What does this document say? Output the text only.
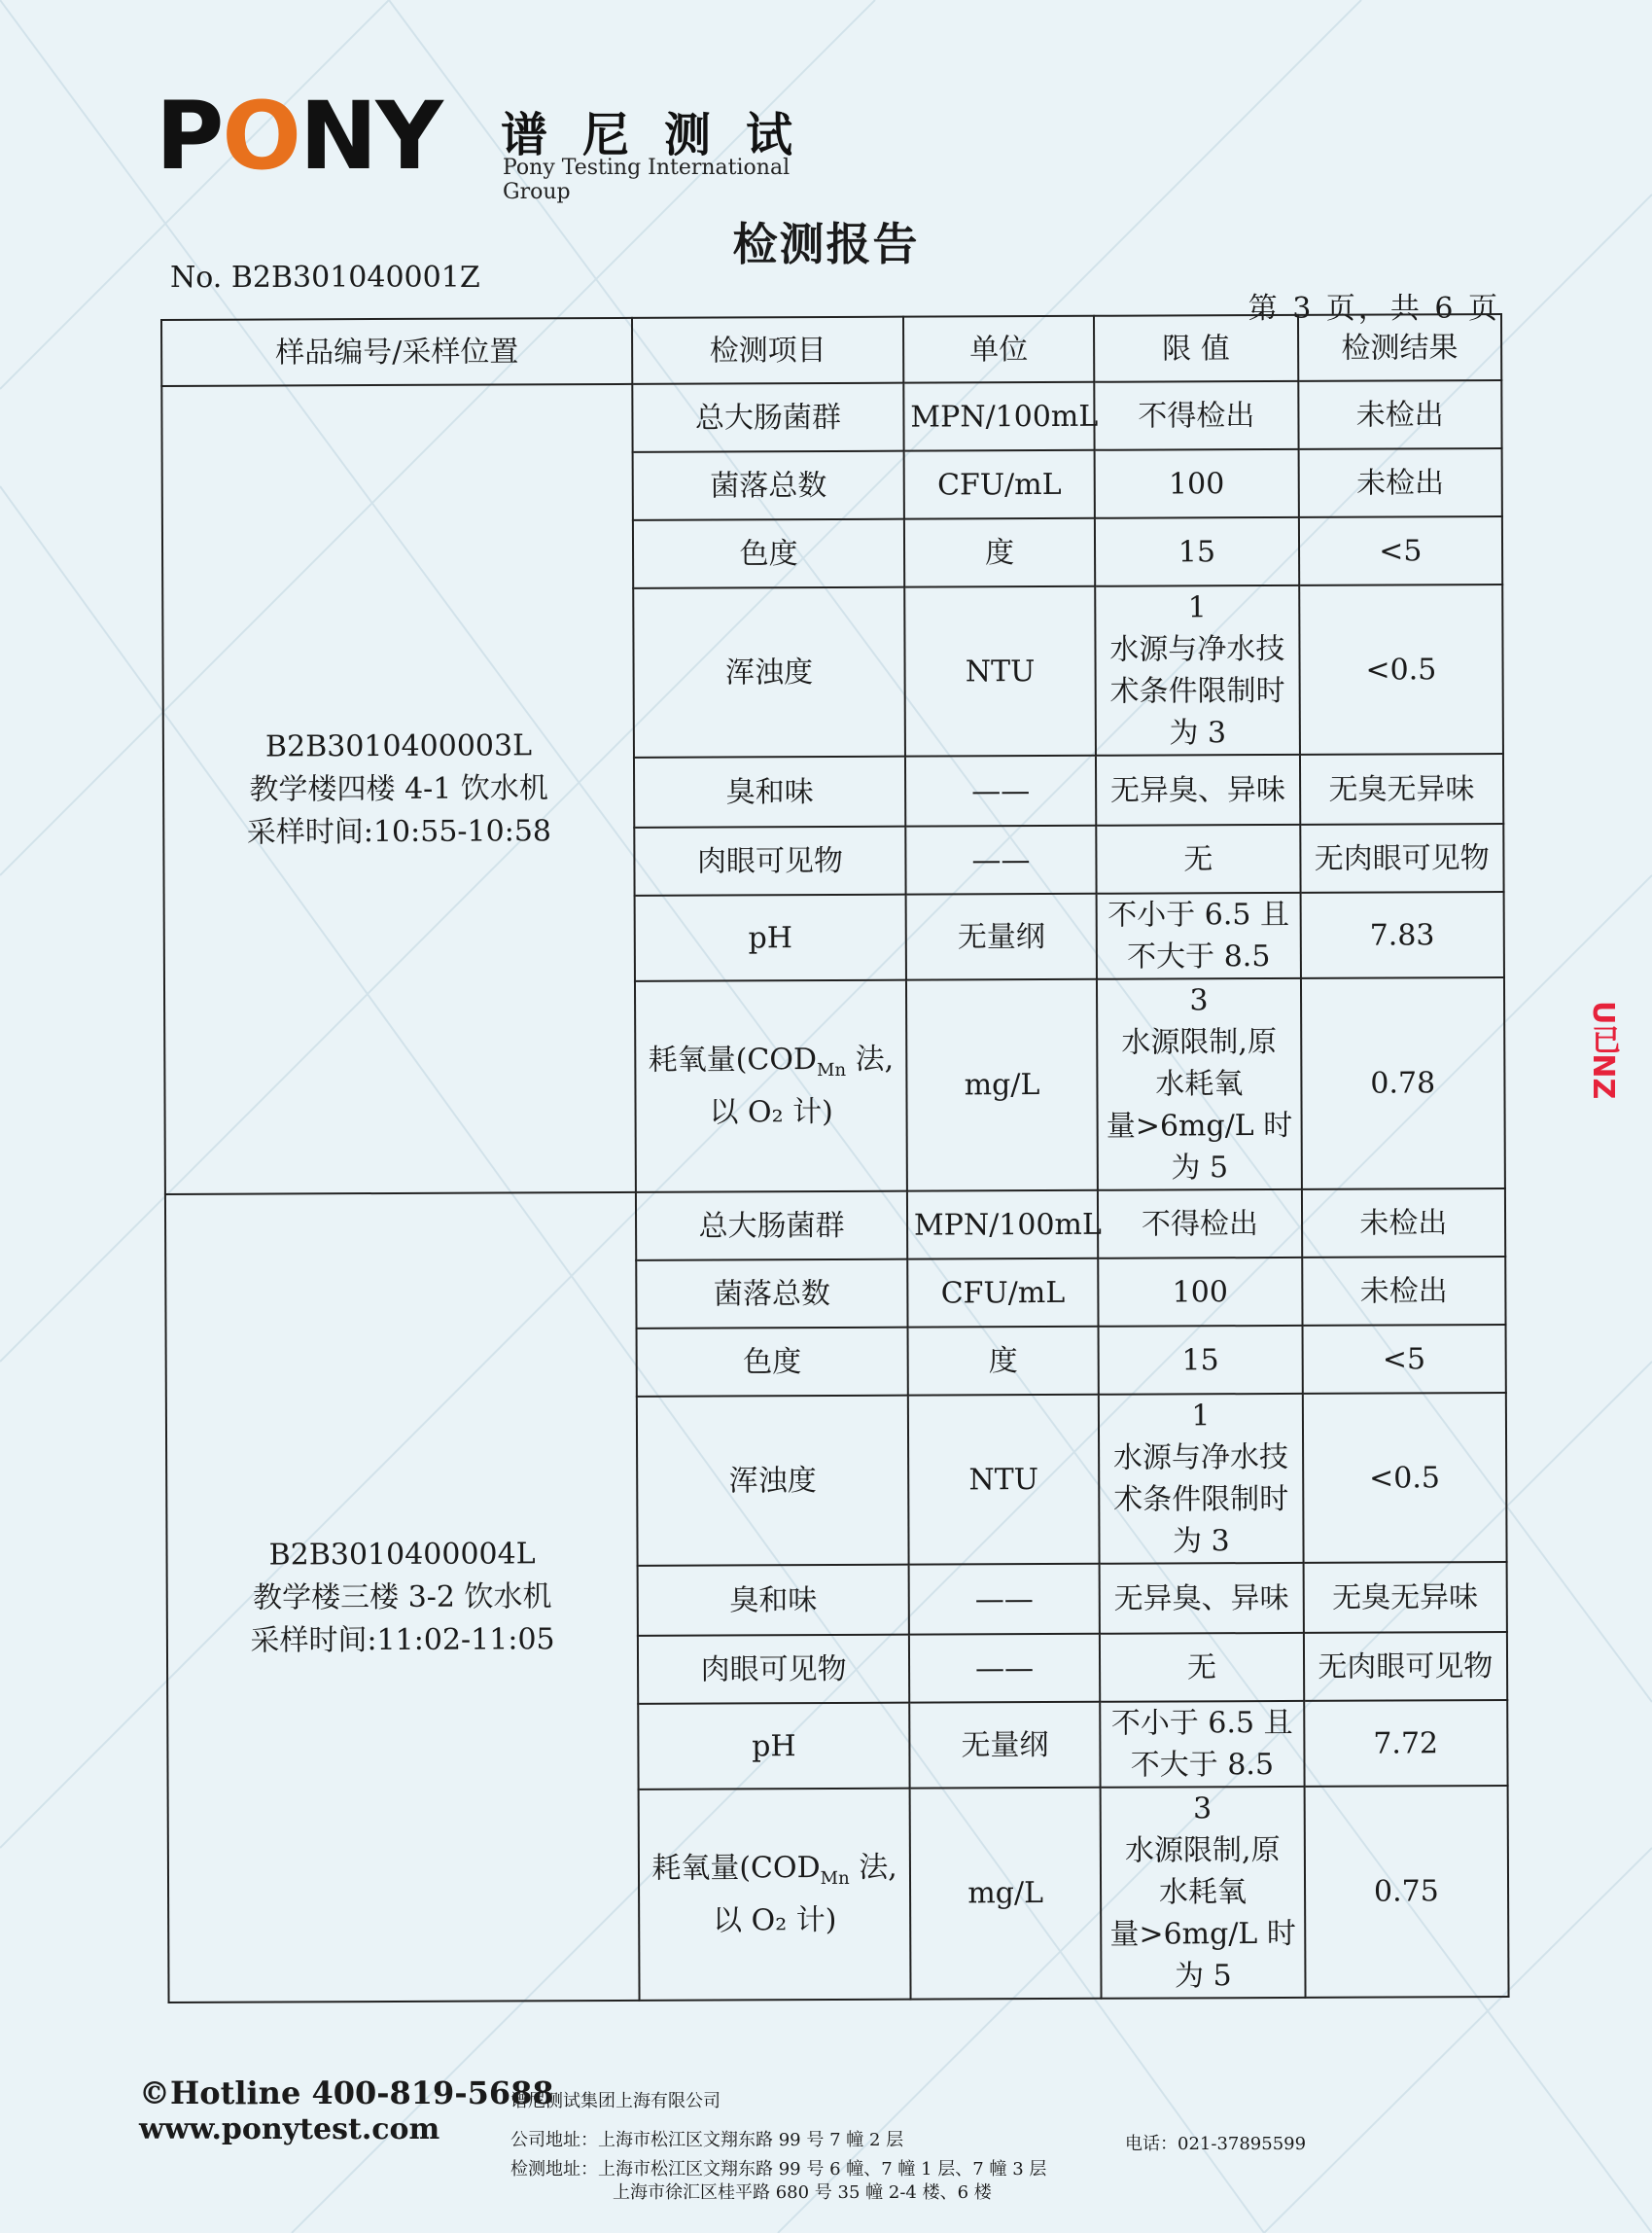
PONY 谱尼测试
Pony Testing International Group
检测报告
No. B2B301040001Z
第 3 页，共 6 页
样品编号/采样位置	检测项目	单位	限 值	检测结果
B2B3010400003L
教学楼四楼 4-1 饮水机
采样时间:10:55-10:58	总大肠菌群	MPN/100mL	不得检出	未检出
	菌落总数	CFU/mL	100	未检出
	色度	度	15	<5
	浑浊度	NTU	1
水源与净水技
术条件限制时
为 3	<0.5
	臭和味	——	无异臭、异味	无臭无异味
	肉眼可见物	——	无	无肉眼可见物
	pH	无量纲	不小于 6.5 且
不大于 8.5	7.83
	耗氧量($COD_{Mn}$ 法,
以 O₂ 计)	mg/L	3
水源限制,原
水耗氧
量>6mg/L 时
为 5	0.78
B2B3010400004L
教学楼三楼 3-2 饮水机
采样时间:11:02-11:05	总大肠菌群	MPN/100mL	不得检出	未检出
	菌落总数	CFU/mL	100	未检出
	色度	度	15	<5
	浑浊度	NTU	1
水源与净水技
术条件限制时
为 3	<0.5
	臭和味	——	无异臭、异味	无臭无异味
	肉眼可见物	——	无	无肉眼可见物
	pH	无量纲	不小于 6.5 且
不大于 8.5	7.72
	耗氧量($COD_{Mn}$ 法,
以 O₂ 计)	mg/L	3
水源限制,原
水耗氧
量>6mg/L 时
为 5	0.75
©Hotline 400-819-5688
www.ponytest.com
谱尼测试集团上海有限公司
公司地址：上海市松江区文翔东路 99 号 7 幢 2 层
检测地址：上海市松江区文翔东路 99 号 6 幢、7 幢 1 层、7 幢 3 层
上海市徐汇区桂平路 680 号 35 幢 2-4 楼、6 楼
电话：021-37895599
U已NZ
